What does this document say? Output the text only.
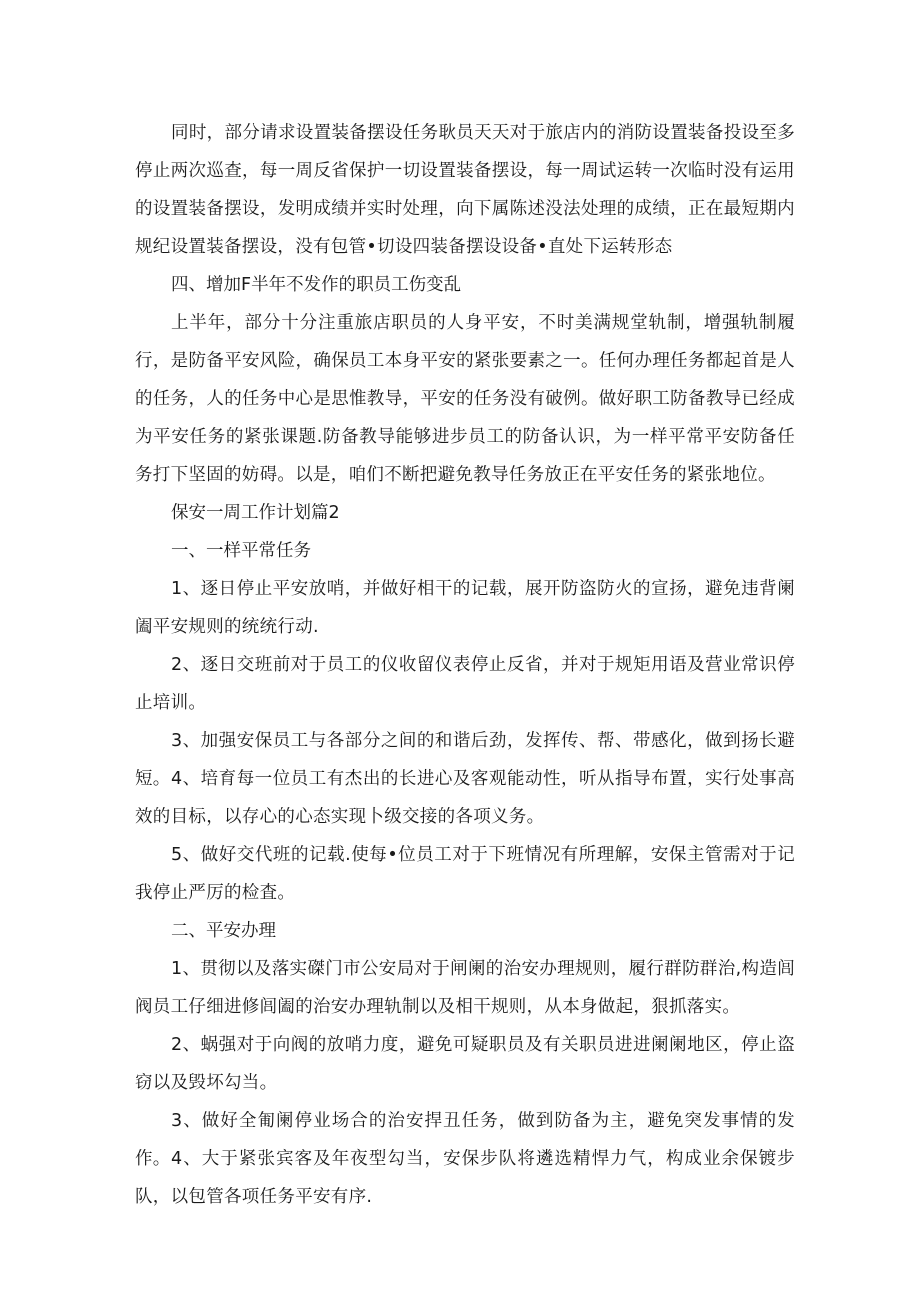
同时，部分请求设置装备摆设任务耿员天天对于旅店内的消防设置装备投设至多停止两次巡查，每一周反省保护一切设置装备摆设，每一周试运转一次临时没有运用的设置装备摆设，发明成绩并实时处理，向下属陈述没法处理的成绩，正在最短期内规纪设置装备摆设，没有包管•切设四装备摆设设备•直处下运转形态

四、增加F半年不发作的职员工伤变乱

上半年，部分十分注重旅店职员的人身平安，不时美满规堂轨制，增强轨制履行，是防备平安风险，确保员工本身平安的紧张要素之一。任何办理任务都起首是人的任务，人的任务中心是思惟教导，平安的任务没有破例。做好职工防备教导已经成为平安任务的紧张课题.防备教导能够进步员工的防备认识，为一样平常平安防备任务打下坚固的妨碍。以是，咱们不断把避免教导任务放正在平安任务的紧张地位。

保安一周工作计划篇2

一、一样平常任务

1、逐日停止平安放哨，并做好相干的记载，展开防盗防火的宣扬，避免违背阑阖平安规则的统统行动.

2、逐日交班前对于员工的仪收留仪表停止反省，并对于规矩用语及营业常识停止培训。

3、加强安保员工与各部分之间的和谐后劲，发挥传、帮、带感化，做到扬长避短。 4、培育每一位员工有杰出的长进心及客观能动性，听从指导布置，实行处事高效的目标，以存心的心态实现卜级交接的各项义务。

5、做好交代班的记载.使每•位员工对于下班情况有所理解，安保主管需对于记我停止严厉的检査。

二、平安办理

1、贯彻以及落实磔门市公安局对于闸阑的治安办理规则，履行群防群治,构造闾阀员工仔细进修闾阖的治安办理轨制以及相干规则，从本身做起，狠抓落实。

2、蜗强对于向阀的放哨力度，避免可疑职员及有关职员进进阑阑地区，停止盗窃以及毁坏勾当。

3、做好全匍阑停业场合的治安捍丑任务，做到防备为主，避免突发事情的发作。 4、大于紧张宾客及年夜型勾当，安保步队将遴选精悍力气，构成业余保镀步队，以包管各项任务平安有序.
